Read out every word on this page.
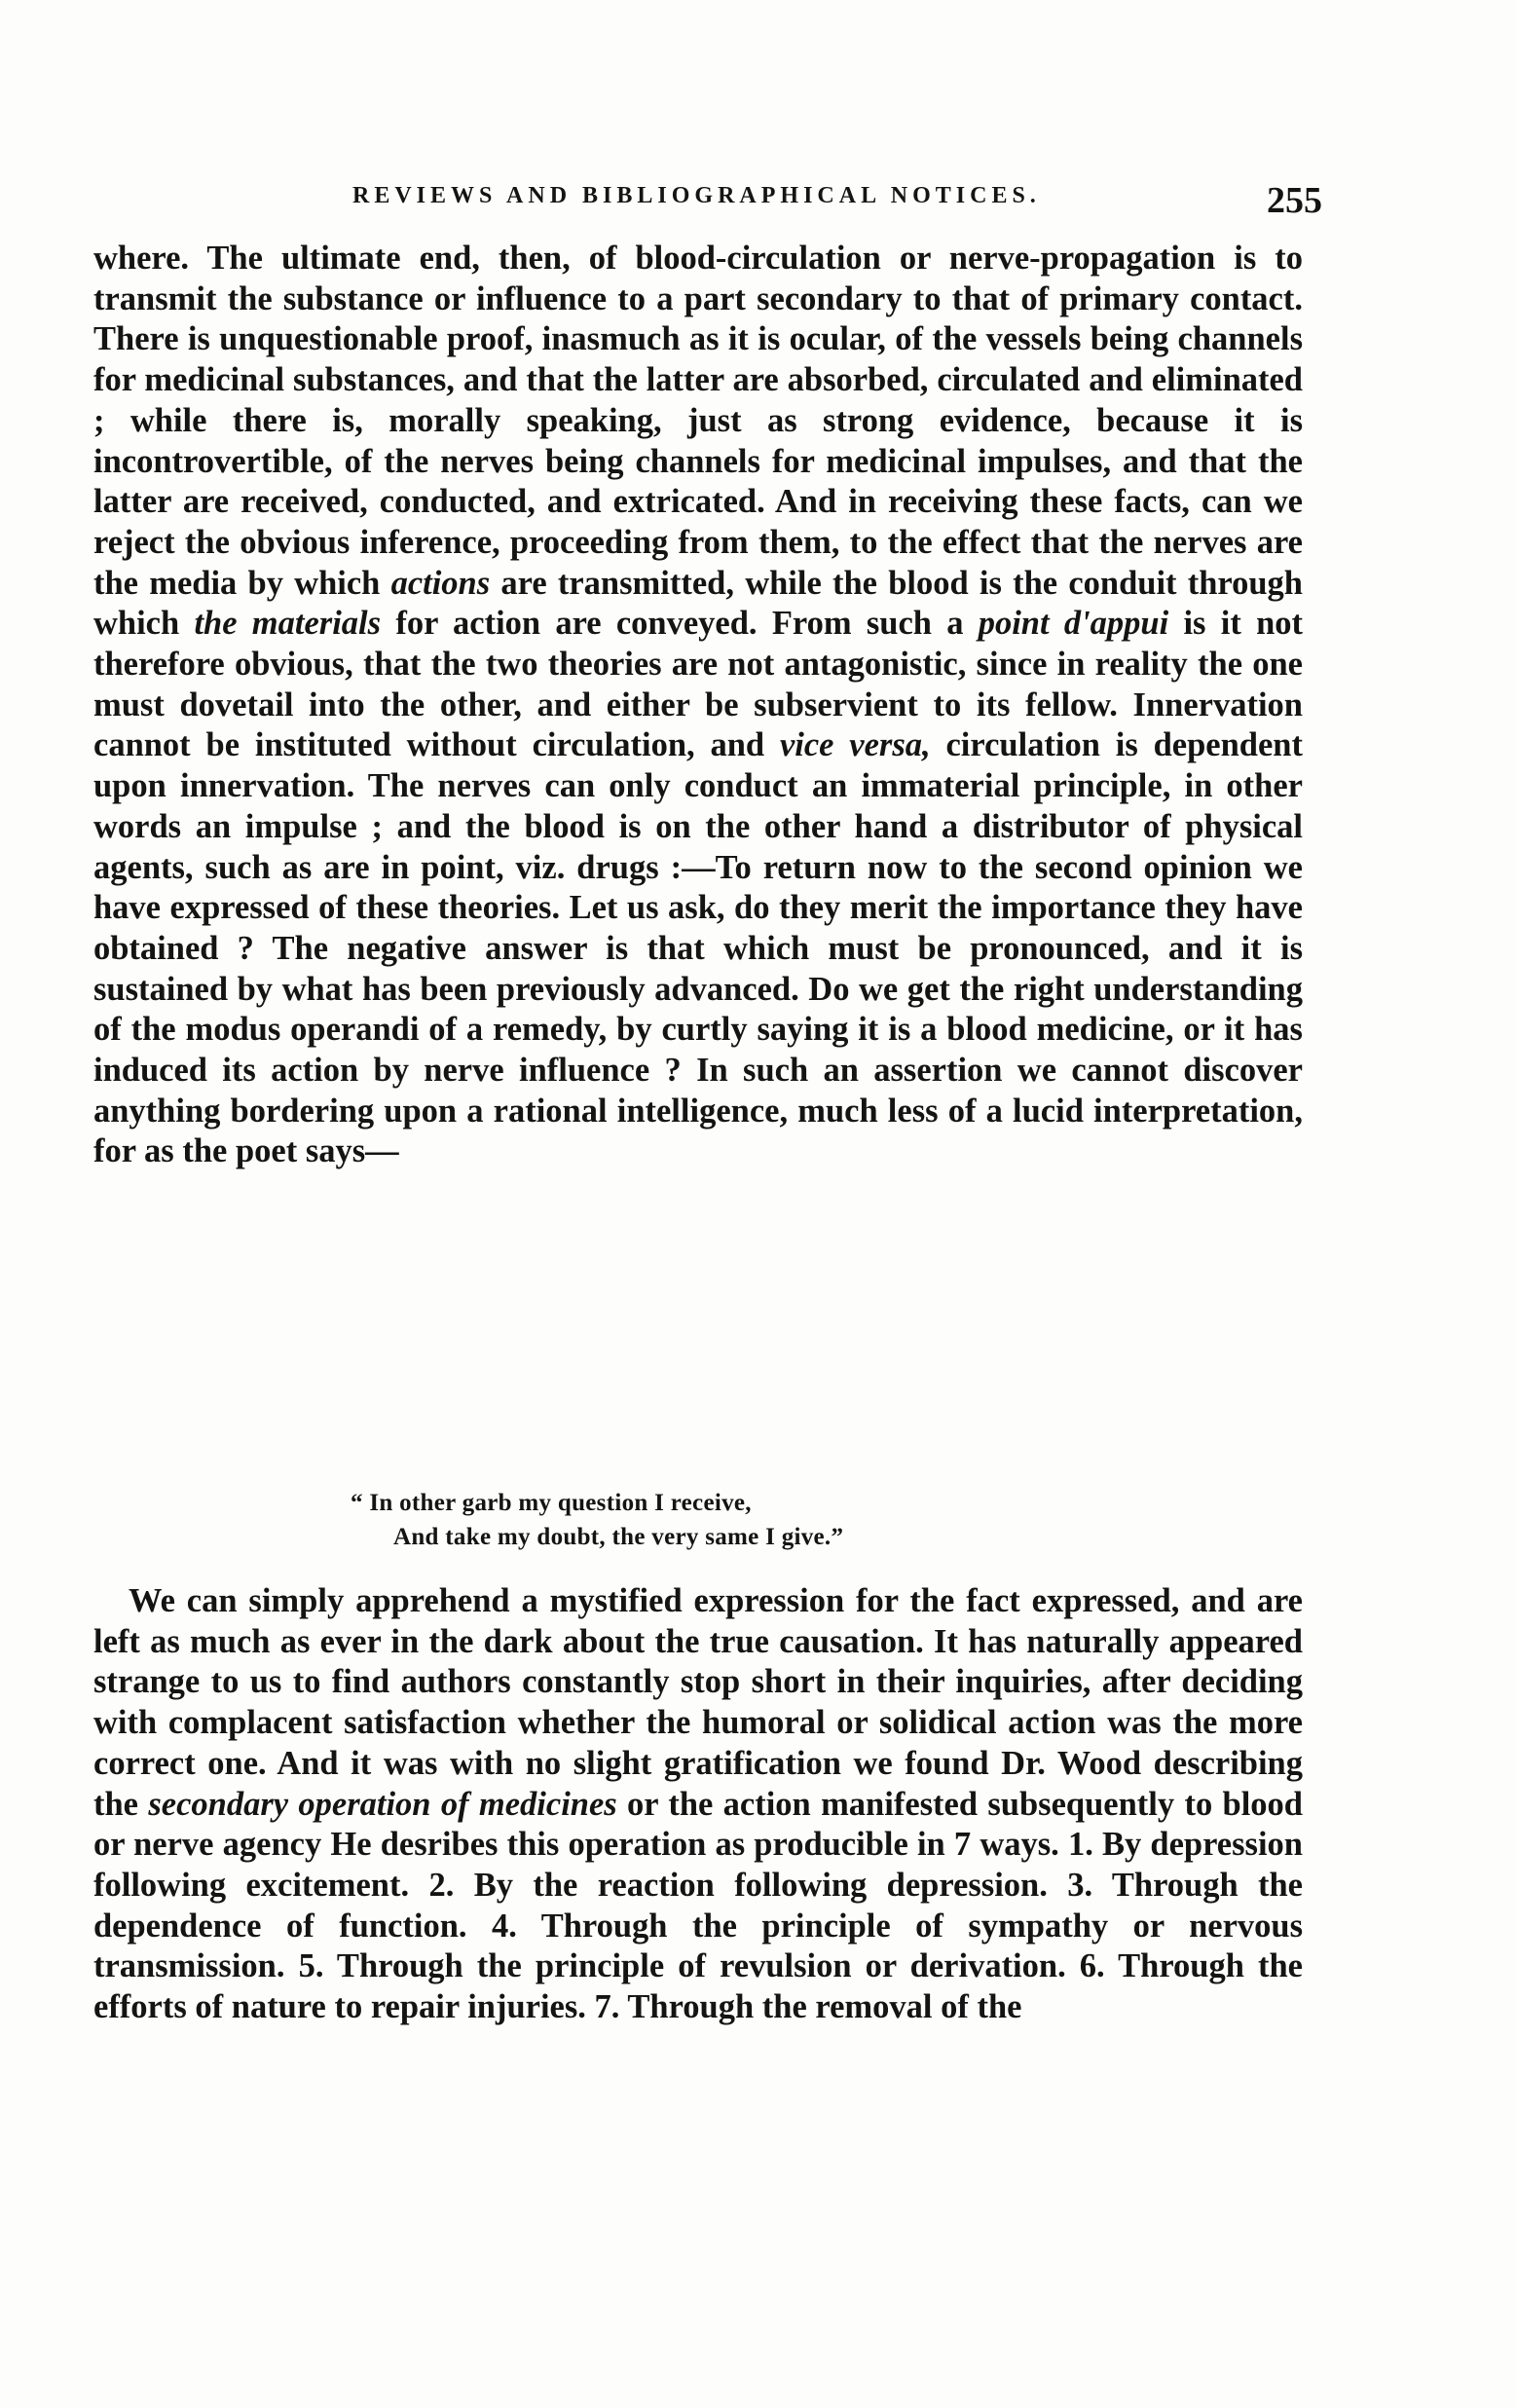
REVIEWS AND BIBLIOGRAPHICAL NOTICES.	255

where. The ultimate end, then, of blood-circulation or nerve-propagation is to transmit the substance or influence to a part secondary to that of primary contact. There is unquestionable proof, inasmuch as it is ocular, of the vessels being channels for medicinal substances, and that the latter are absorbed, circulated and eliminated ; while there is, morally speaking, just as strong evidence, because it is incontrovertible, of the nerves being channels for medicinal impulses, and that the latter are received, conducted, and extricated. And in receiving these facts, can we reject the obvious inference, proceeding from them, to the effect that the nerves are the media by which actions are transmitted, while the blood is the conduit through which the materials for action are conveyed. From such a point d'appui is it not therefore obvious, that the two theories are not antagonistic, since in reality the one must dovetail into the other, and either be subservient to its fellow. Innervation cannot be instituted without circulation, and vice versa, circulation is dependent upon innervation. The nerves can only conduct an immaterial principle, in other words an impulse ; and the blood is on the other hand a distributor of physical agents, such as are in point, viz. drugs :—To return now to the second opinion we have expressed of these theories. Let us ask, do they merit the importance they have obtained ? The negative answer is that which must be pronounced, and it is sustained by what has been previously advanced. Do we get the right understanding of the modus operandi of a remedy, by curtly saying it is a blood medicine, or it has induced its action by nerve influence ? In such an assertion we cannot discover anything bordering upon a rational intelligence, much less of a lucid interpretation, for as the poet says—

“ In other garb my question I receive,
And take my doubt, the very same I give.”

We can simply apprehend a mystified expression for the fact expressed, and are left as much as ever in the dark about the true causation. It has naturally appeared strange to us to find authors constantly stop short in their inquiries, after deciding with complacent satisfaction whether the humoral or solidical action was the more correct one. And it was with no slight gratification we found Dr. Wood describing the secondary operation of medicines or the action manifested subsequently to blood or nerve agency He desribes this operation as producible in 7 ways. 1. By depression following excitement. 2. By the reaction following depression. 3. Through the dependence of function. 4. Through the principle of sympathy or nervous transmission. 5. Through the principle of revulsion or derivation. 6. Through the efforts of nature to repair injuries. 7. Through the removal of the
